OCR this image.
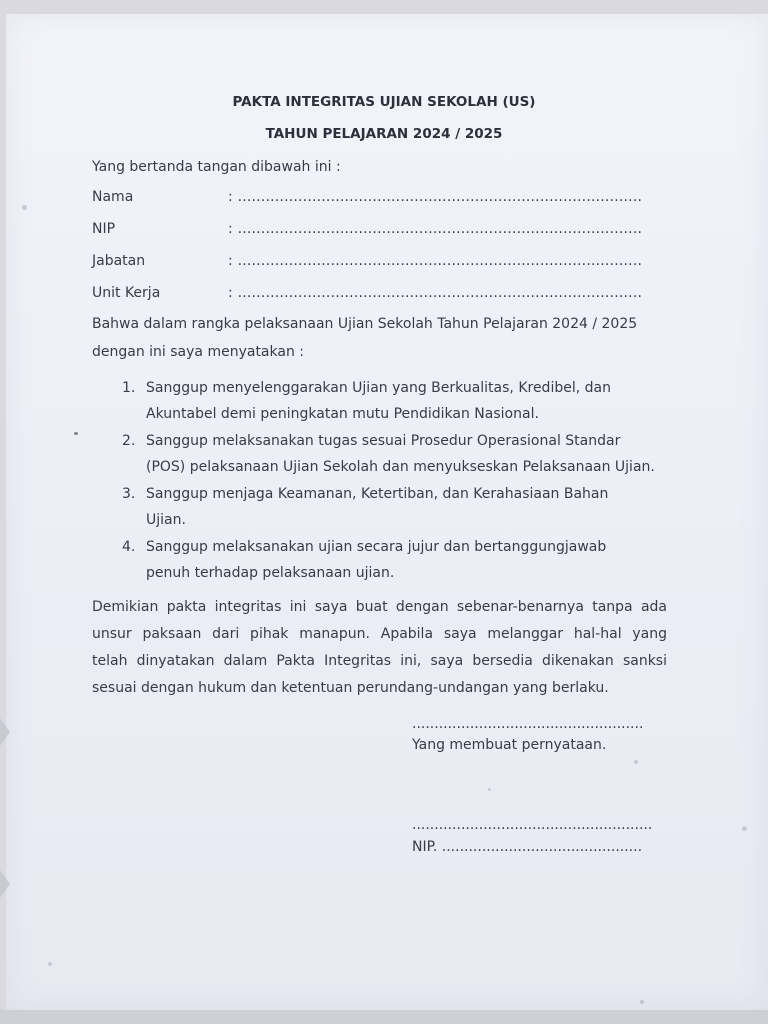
PAKTA INTEGRITAS UJIAN SEKOLAH (US)
TAHUN PELAJARAN 2024 / 2025
Yang bertanda tangan dibawah ini :
Nama	: .......................................................................................
NIP	: .......................................................................................
Jabatan	: .......................................................................................
Unit Kerja	: .......................................................................................
Bahwa dalam rangka pelaksanaan Ujian Sekolah Tahun Pelajaran 2024 / 2025
dengan ini saya menyatakan :
1. Sanggup menyelenggarakan Ujian yang Berkualitas, Kredibel, dan
Akuntabel demi peningkatan mutu Pendidikan Nasional.
2. Sanggup melaksanakan tugas sesuai Prosedur Operasional Standar
(POS) pelaksanaan Ujian Sekolah dan menyukseskan Pelaksanaan Ujian.
3. Sanggup menjaga Keamanan, Ketertiban, dan Kerahasiaan Bahan
Ujian.
4. Sanggup melaksanakan ujian secara jujur dan bertanggungjawab
penuh terhadap pelaksanaan ujian.
Demikian pakta integritas ini saya buat dengan sebenar-benarnya tanpa ada
unsur paksaan dari pihak manapun. Apabila saya melanggar hal-hal yang
telah dinyatakan dalam Pakta Integritas ini, saya bersedia dikenakan sanksi
sesuai dengan hukum dan ketentuan perundang-undangan yang berlaku.
....................................................
Yang membuat pernyataan.
......................................................
NIP. .............................................
